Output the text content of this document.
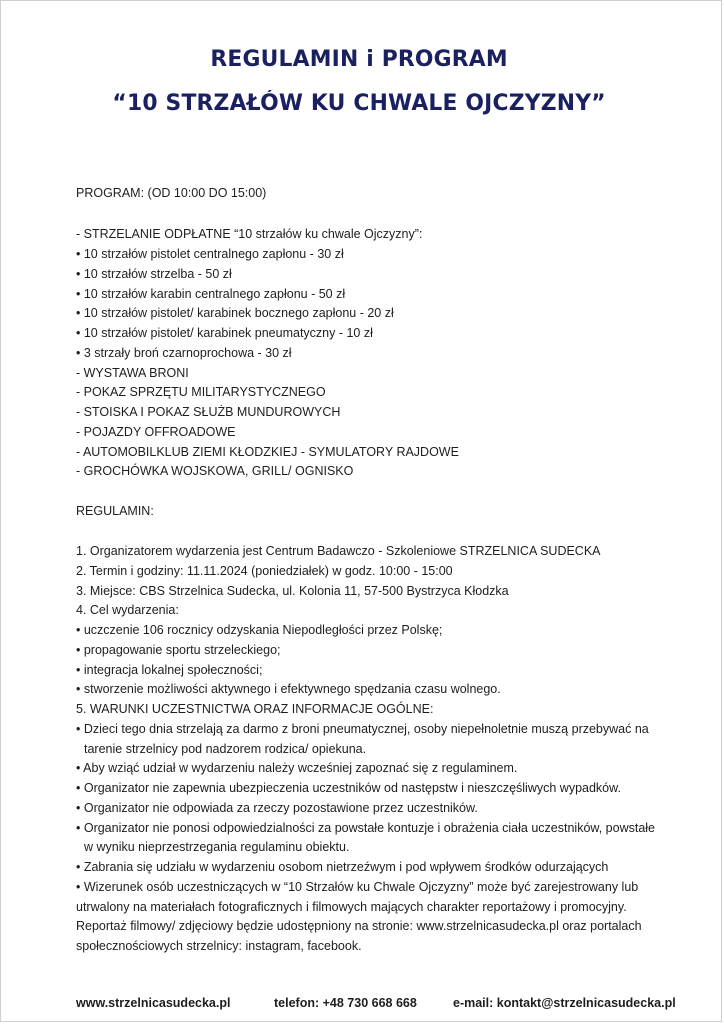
REGULAMIN i PROGRAM
“10 STRZAŁÓW KU CHWALE OJCZYZNY”
PROGRAM: (OD 10:00 DO 15:00)
- STRZELANIE ODPŁATNE “10 strzałów ku chwale Ojczyzny”:
• 10 strzałów pistolet centralnego zapłonu - 30 zł
• 10 strzałów strzelba - 50 zł
• 10 strzałów karabin centralnego zapłonu - 50 zł
• 10 strzałów pistolet/ karabinek bocznego zapłonu - 20 zł
• 10 strzałów pistolet/ karabinek pneumatyczny - 10 zł
• 3 strzały broń czarnoprochowa - 30 zł
- WYSTAWA BRONI
- POKAZ SPRZĘTU MILITARYSTYCZNEGO
- STOISKA I POKAZ SŁUŻB MUNDUROWYCH
- POJAZDY OFFROADOWE
- AUTOMOBILKLUB ZIEMI KŁODZKIEJ - SYMULATORY RAJDOWE
- GROCHÓWKA WOJSKOWA, GRILL/ OGNISKO
REGULAMIN:
1. Organizatorem wydarzenia jest Centrum Badawczo - Szkoleniowe STRZELNICA SUDECKA
2. Termin i godziny: 11.11.2024 (poniedziałek) w godz. 10:00 - 15:00
3. Miejsce: CBS Strzelnica Sudecka, ul. Kolonia 11, 57-500 Bystrzyca Kłodzka
4. Cel wydarzenia:
• uczczenie 106 rocznicy odzyskania Niepodległości przez Polskę;
• propagowanie sportu strzeleckiego;
• integracja lokalnej społeczności;
• stworzenie możliwości aktywnego i efektywnego spędzania czasu wolnego.
5. WARUNKI UCZESTNICTWA ORAZ INFORMACJE OGÓLNE:
• Dzieci tego dnia strzelają za darmo z broni pneumatycznej, osoby niepełnoletnie muszą przebywać na
tarenie strzelnicy pod nadzorem rodzica/ opiekuna.
• Aby wziąć udział w wydarzeniu należy wcześniej zapoznać się z regulaminem.
• Organizator nie zapewnia ubezpieczenia uczestników od następstw i nieszczęśliwych wypadków.
• Organizator nie odpowiada za rzeczy pozostawione przez uczestników.
• Organizator nie ponosi odpowiedzialności za powstałe kontuzje i obrażenia ciała uczestników, powstałe
w wyniku nieprzestrzegania regulaminu obiektu.
• Zabrania się udziału w wydarzeniu osobom nietrzeźwym i pod wpływem środków odurzających
• Wizerunek osób uczestniczących w “10 Strzałów ku Chwale Ojczyzny” może być zarejestrowany lub
utrwalony na materiałach fotograficznych i filmowych mających charakter reportażowy i promocyjny.
Reportaż filmowy/ zdjęciowy będzie udostępniony na stronie: www.strzelnicasudecka.pl oraz portalach
społecznościowych strzelnicy: instagram, facebook.
www.strzelnicasudecka.pl	telefon: +48 730 668 668	e-mail: kontakt@strzelnicasudecka.pl
